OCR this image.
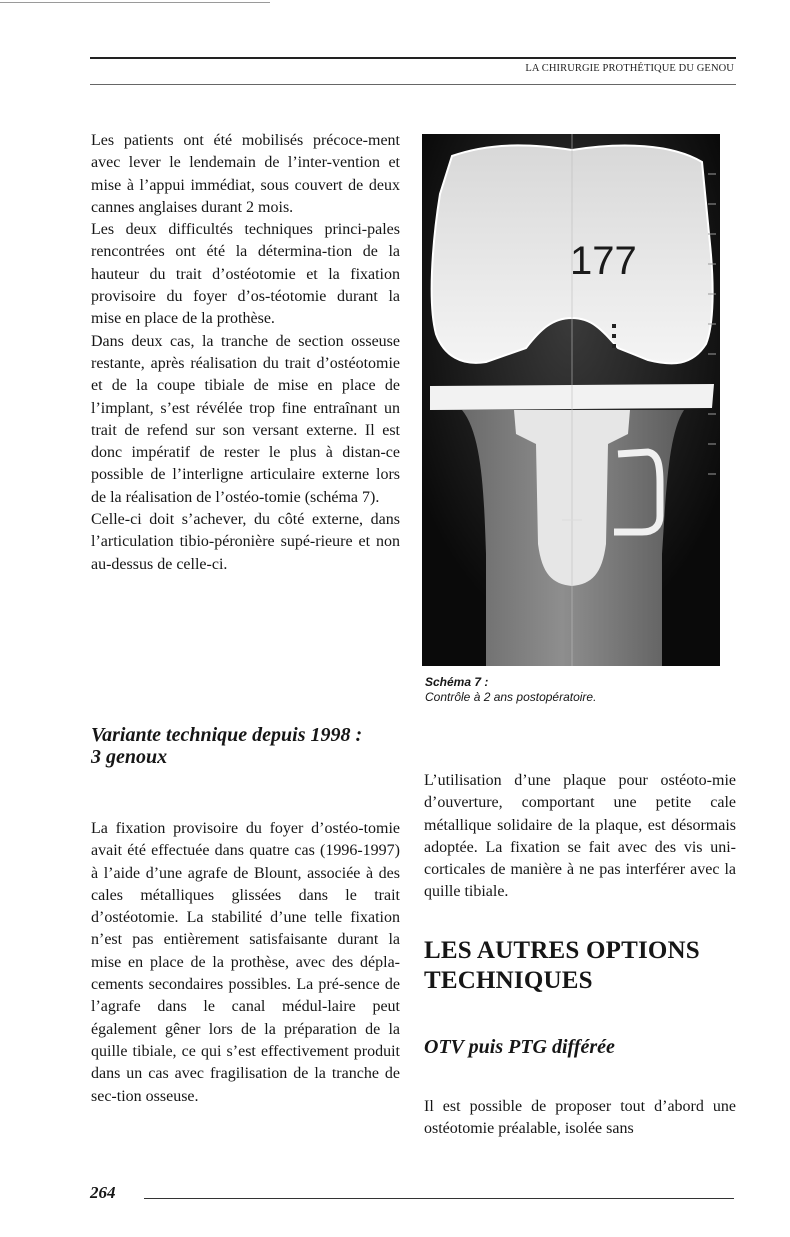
LA CHIRURGIE PROTHÉTIQUE DU GENOU

Les patients ont été mobilisés précoce-ment avec lever le lendemain de l’inter-vention et mise à l’appui immédiat, sous couvert de deux cannes anglaises durant 2 mois.

Les deux difficultés techniques princi-pales rencontrées ont été la détermina-tion de la hauteur du trait d’ostéotomie et la fixation provisoire du foyer d’os-téotomie durant la mise en place de la prothèse.

Dans deux cas, la tranche de section osseuse restante, après réalisation du trait d’ostéotomie et de la coupe tibiale de mise en place de l’implant, s’est révélée trop fine entraînant un trait de refend sur son versant externe. Il est donc impératif de rester le plus à distan-ce possible de l’interligne articulaire externe lors de la réalisation de l’ostéo-tomie (schéma 7).

Celle-ci doit s’achever, du côté externe, dans l’articulation tibio-péronière supé-rieure et non au-dessus de celle-ci.

Variante technique depuis 1998 :
3 genoux

La fixation provisoire du foyer d’ostéo-tomie avait été effectuée dans quatre cas (1996-1997) à l’aide d’une agrafe de Blount, associée à des cales métalliques glissées dans le trait d’ostéotomie. La stabilité d’une telle fixation n’est pas entièrement satisfaisante durant la mise en place de la prothèse, avec des dépla-cements secondaires possibles. La pré-sence de l’agrafe dans le canal médul-laire peut également gêner lors de la préparation de la quille tibiale, ce qui s’est effectivement produit dans un cas avec fragilisation de la tranche de sec-tion osseuse.

177
Schéma 7 :
Contrôle à 2 ans postopératoire.

L’utilisation d’une plaque pour ostéoto-mie d’ouverture, comportant une petite cale métallique solidaire de la plaque, est désormais adoptée. La fixation se fait avec des vis uni-corticales de manière à ne pas interférer avec la quille tibiale.

LES AUTRES OPTIONS
TECHNIQUES
OTV puis PTG différée

Il est possible de proposer tout d’abord une ostéotomie préalable, isolée sans

264
